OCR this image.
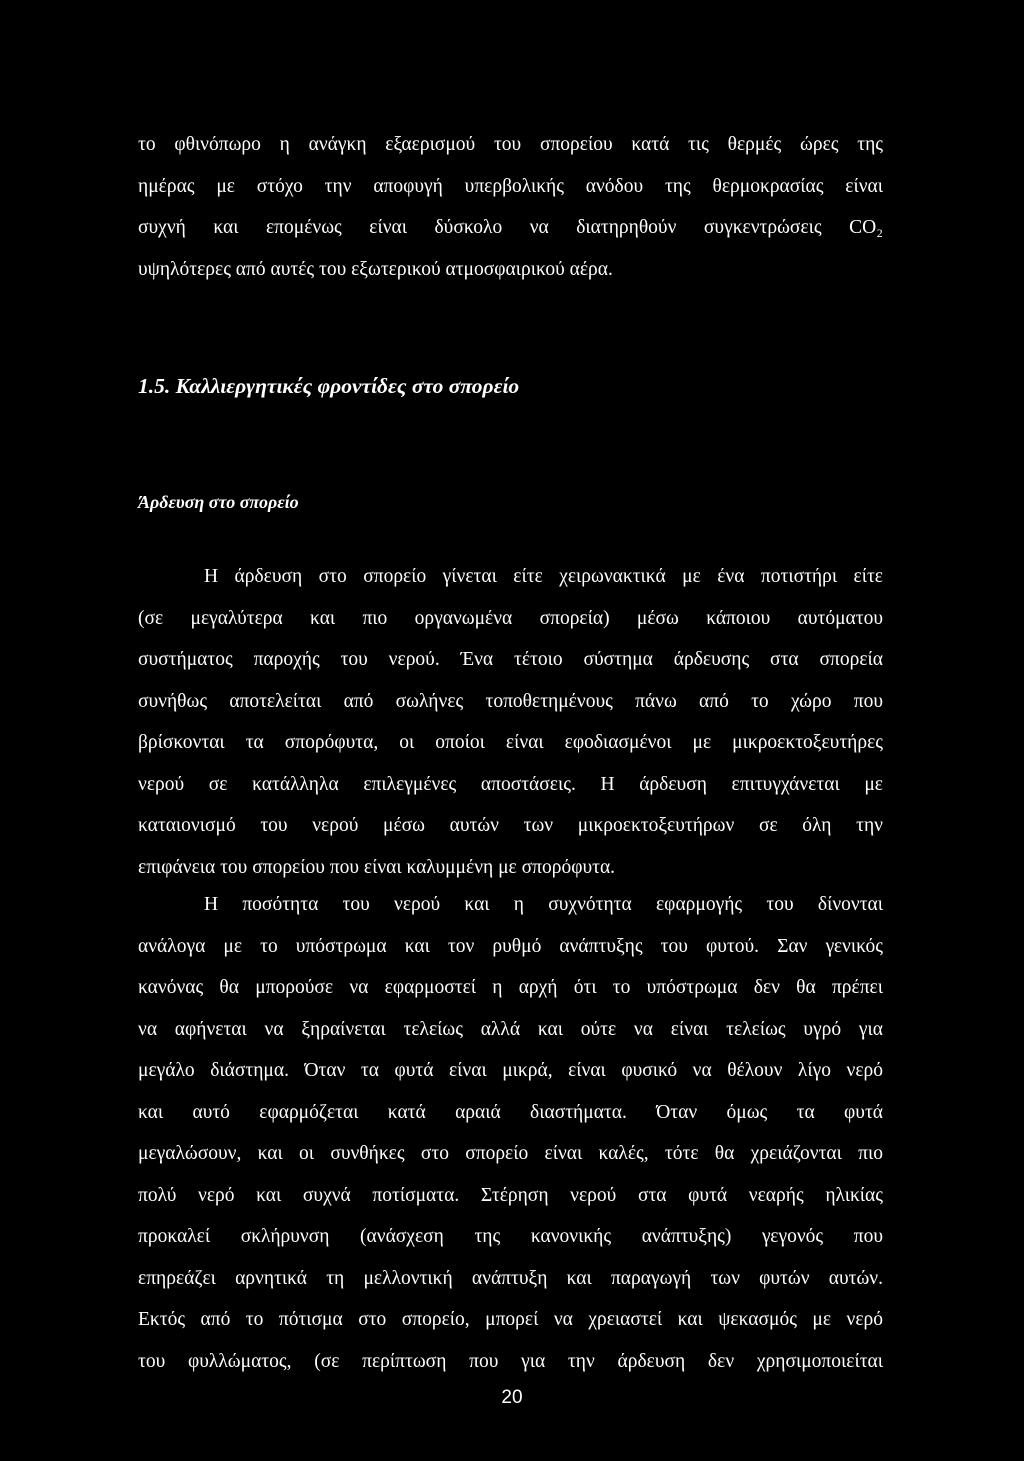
το φθινόπωρο η ανάγκη εξαερισμού του σπορείου κατά τις θερμές ώρες της
ημέρας με στόχο την αποφυγή υπερβολικής ανόδου της θερμοκρασίας είναι
συχνή και επομένως είναι δύσκολο να διατηρηθούν συγκεντρώσεις CO₂
υψηλότερες από αυτές του εξωτερικού ατμοσφαιρικού αέρα.
1.5. Καλλιεργητικές φροντίδες στο σπορείο
Άρδευση στο σπορείο
Η άρδευση στο σπορείο γίνεται είτε χειρωνακτικά με ένα ποτιστήρι είτε
(σε μεγαλύτερα και πιο οργανωμένα σπορεία) μέσω κάποιου αυτόματου
συστήματος παροχής του νερού. Ένα τέτοιο σύστημα άρδευσης στα σπορεία
συνήθως αποτελείται από σωλήνες τοποθετημένους πάνω από το χώρο που
βρίσκονται τα σπορόφυτα, οι οποίοι είναι εφοδιασμένοι με μικροεκτοξευτήρες
νερού σε κατάλληλα επιλεγμένες αποστάσεις. Η άρδευση επιτυγχάνεται με
καταιονισμό του νερού μέσω αυτών των μικροεκτοξευτήρων σε όλη την
επιφάνεια του σπορείου που είναι καλυμμένη με σπορόφυτα.
Η ποσότητα του νερού και η συχνότητα εφαρμογής του δίνονται
ανάλογα με το υπόστρωμα και τον ρυθμό ανάπτυξης του φυτού. Σαν γενικός
κανόνας θα μπορούσε να εφαρμοστεί η αρχή ότι το υπόστρωμα δεν θα πρέπει
να αφήνεται να ξηραίνεται τελείως αλλά και ούτε να είναι τελείως υγρό για
μεγάλο διάστημα. Όταν τα φυτά είναι μικρά, είναι φυσικό να θέλουν λίγο νερό
και αυτό εφαρμόζεται κατά αραιά διαστήματα. Όταν όμως τα φυτά
μεγαλώσουν, και οι συνθήκες στο σπορείο είναι καλές, τότε θα χρειάζονται πιο
πολύ νερό και συχνά ποτίσματα. Στέρηση νερού στα φυτά νεαρής ηλικίας
προκαλεί σκλήρυνση (ανάσχεση της κανονικής ανάπτυξης) γεγονός που
επηρεάζει αρνητικά τη μελλοντική ανάπτυξη και παραγωγή των φυτών αυτών.
Εκτός από το πότισμα στο σπορείο, μπορεί να χρειαστεί και ψεκασμός με νερό
του φυλλώματος, (σε περίπτωση που για την άρδευση δεν χρησιμοποιείται
20
